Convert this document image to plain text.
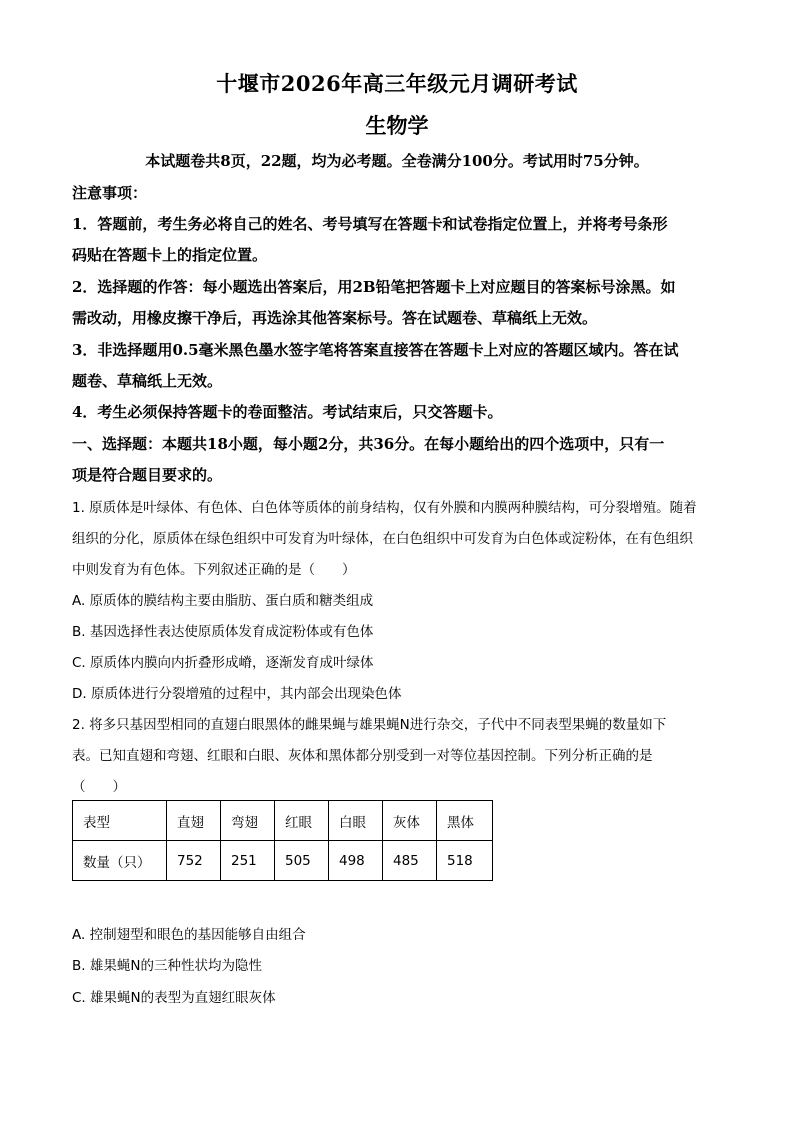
十堰市2026年高三年级元月调研考试
生物学
本试题卷共8页，22题，均为必考题。全卷满分100分。考试用时75分钟。
注意事项：
1．答题前，考生务必将自己的姓名、考号填写在答题卡和试卷指定位置上，并将考号条形
码贴在答题卡上的指定位置。
2．选择题的作答：每小题选出答案后，用2B铅笔把答题卡上对应题目的答案标号涂黑。如
需改动，用橡皮擦干净后，再选涂其他答案标号。答在试题卷、草稿纸上无效。
3．非选择题用0.5毫米黑色墨水签字笔将答案直接答在答题卡上对应的答题区域内。答在试
题卷、草稿纸上无效。
4．考生必须保持答题卡的卷面整洁。考试结束后，只交答题卡。
一、选择题：本题共18小题，每小题2分，共36分。在每小题给出的四个选项中，只有一
项是符合题目要求的。
1. 原质体是叶绿体、有色体、白色体等质体的前身结构，仅有外膜和内膜两种膜结构，可分裂增殖。随着
组织的分化，原质体在绿色组织中可发育为叶绿体，在白色组织中可发育为白色体或淀粉体，在有色组织
中则发育为有色体。下列叙述正确的是（　　）
A. 原质体的膜结构主要由脂肪、蛋白质和糖类组成
B. 基因选择性表达使原质体发育成淀粉体或有色体
C. 原质体内膜向内折叠形成嵴，逐渐发育成叶绿体
D. 原质体进行分裂增殖的过程中，其内部会出现染色体
2. 将多只基因型相同的直翅白眼黑体的雌果蝇与雄果蝇N进行杂交，子代中不同表型果蝇的数量如下
表。已知直翅和弯翅、红眼和白眼、灰体和黑体都分别受到一对等位基因控制。下列分析正确的是
（　　）
表型	直翅	弯翅	红眼	白眼	灰体	黑体
数量（只）	752	251	505	498	485	518
A. 控制翅型和眼色的基因能够自由组合
B. 雄果蝇N的三种性状均为隐性
C. 雄果蝇N的表型为直翅红眼灰体
